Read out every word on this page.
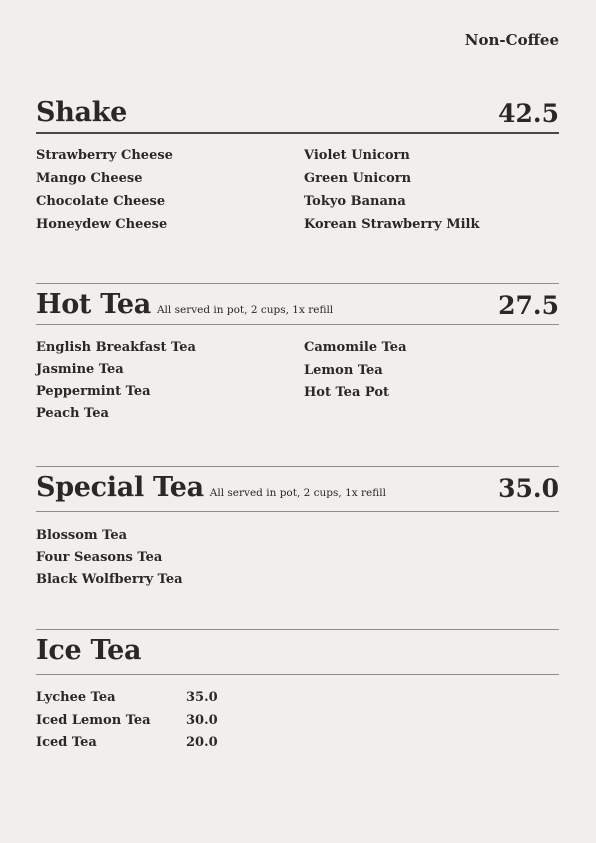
Non-Coffee
Shake	42.5
Strawberry Cheese
Mango Cheese
Chocolate Cheese
Honeydew Cheese
Violet Unicorn
Green Unicorn
Tokyo Banana
Korean Strawberry Milk
Hot Tea All served in pot, 2 cups, 1x refill	27.5
English Breakfast Tea
Jasmine Tea
Peppermint Tea
Peach Tea
Camomile Tea
Lemon Tea
Hot Tea Pot
Special Tea All served in pot, 2 cups, 1x refill	35.0
Blossom Tea
Four Seasons Tea
Black Wolfberry Tea
Ice Tea
Lychee Tea	35.0
Iced Lemon Tea	30.0
Iced Tea	20.0
